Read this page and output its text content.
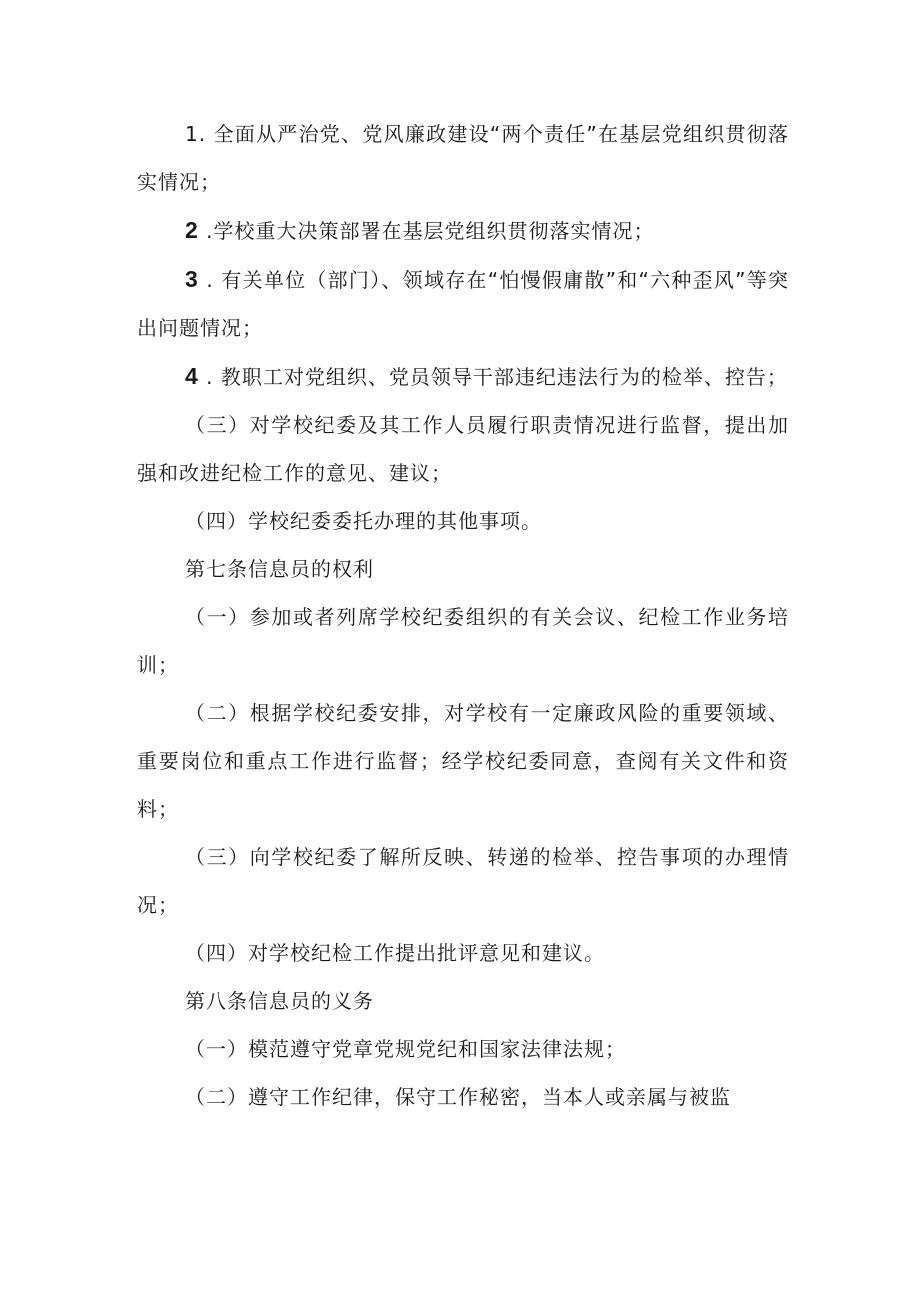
1. 全面从严治党、党风廉政建设“两个责任”在基层党组织贯彻落实情况；

2 .学校重大决策部署在基层党组织贯彻落实情况；

3 . 有关单位（部门）、领域存在“怕慢假庸散”和“六种歪风”等突出问题情况；

4 . 教职工对党组织、党员领导干部违纪违法行为的检举、控告；

（三）对学校纪委及其工作人员履行职责情况进行监督，提出加强和改进纪检工作的意见、建议；

（四）学校纪委委托办理的其他事项。

第七条信息员的权利

（一）参加或者列席学校纪委组织的有关会议、纪检工作业务培训；

（二）根据学校纪委安排，对学校有一定廉政风险的重要领域、重要岗位和重点工作进行监督；经学校纪委同意，查阅有关文件和资料；

（三）向学校纪委了解所反映、转递的检举、控告事项的办理情况；

（四）对学校纪检工作提出批评意见和建议。

第八条信息员的义务

（一）模范遵守党章党规党纪和国家法律法规；

（二）遵守工作纪律，保守工作秘密，当本人或亲属与被监
